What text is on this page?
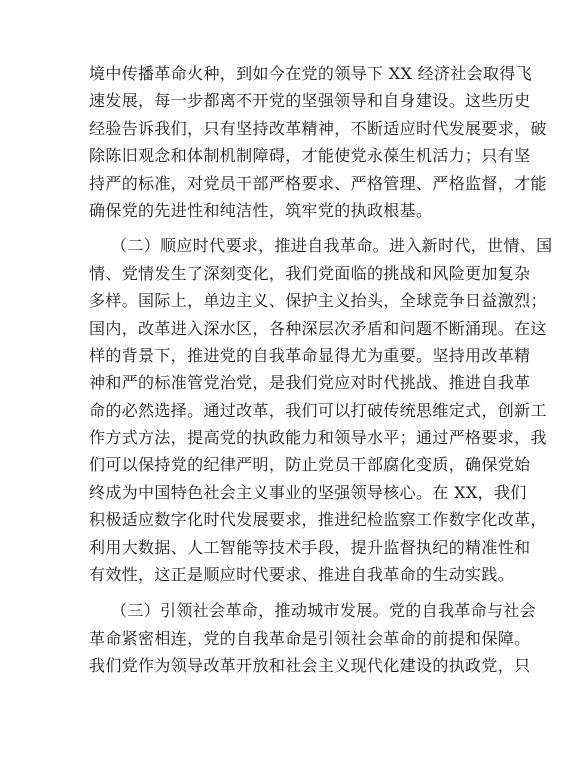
境中传播革命火种，到如今在党的领导下 XX 经济社会取得飞
速发展，每一步都离不开党的坚强领导和自身建设。这些历史
经验告诉我们，只有坚持改革精神，不断适应时代发展要求，破
除陈旧观念和体制机制障碍，才能使党永葆生机活力；只有坚
持严的标准，对党员干部严格要求、严格管理、严格监督，才能
确保党的先进性和纯洁性，筑牢党的执政根基。

（二）顺应时代要求，推进自我革命。进入新时代，世情、国
情、党情发生了深刻变化，我们党面临的挑战和风险更加复杂
多样。国际上，单边主义、保护主义抬头，全球竞争日益激烈；
国内，改革进入深水区，各种深层次矛盾和问题不断涌现。在这
样的背景下，推进党的自我革命显得尤为重要。坚持用改革精
神和严的标准管党治党，是我们党应对时代挑战、推进自我革
命的必然选择。通过改革，我们可以打破传统思维定式，创新工
作方式方法，提高党的执政能力和领导水平；通过严格要求，我
们可以保持党的纪律严明，防止党员干部腐化变质，确保党始
终成为中国特色社会主义事业的坚强领导核心。在 XX，我们
积极适应数字化时代发展要求，推进纪检监察工作数字化改革，
利用大数据、人工智能等技术手段，提升监督执纪的精准性和
有效性，这正是顺应时代要求、推进自我革命的生动实践。

（三）引领社会革命，推动城市发展。党的自我革命与社会
革命紧密相连，党的自我革命是引领社会革命的前提和保障。
我们党作为领导改革开放和社会主义现代化建设的执政党，只
